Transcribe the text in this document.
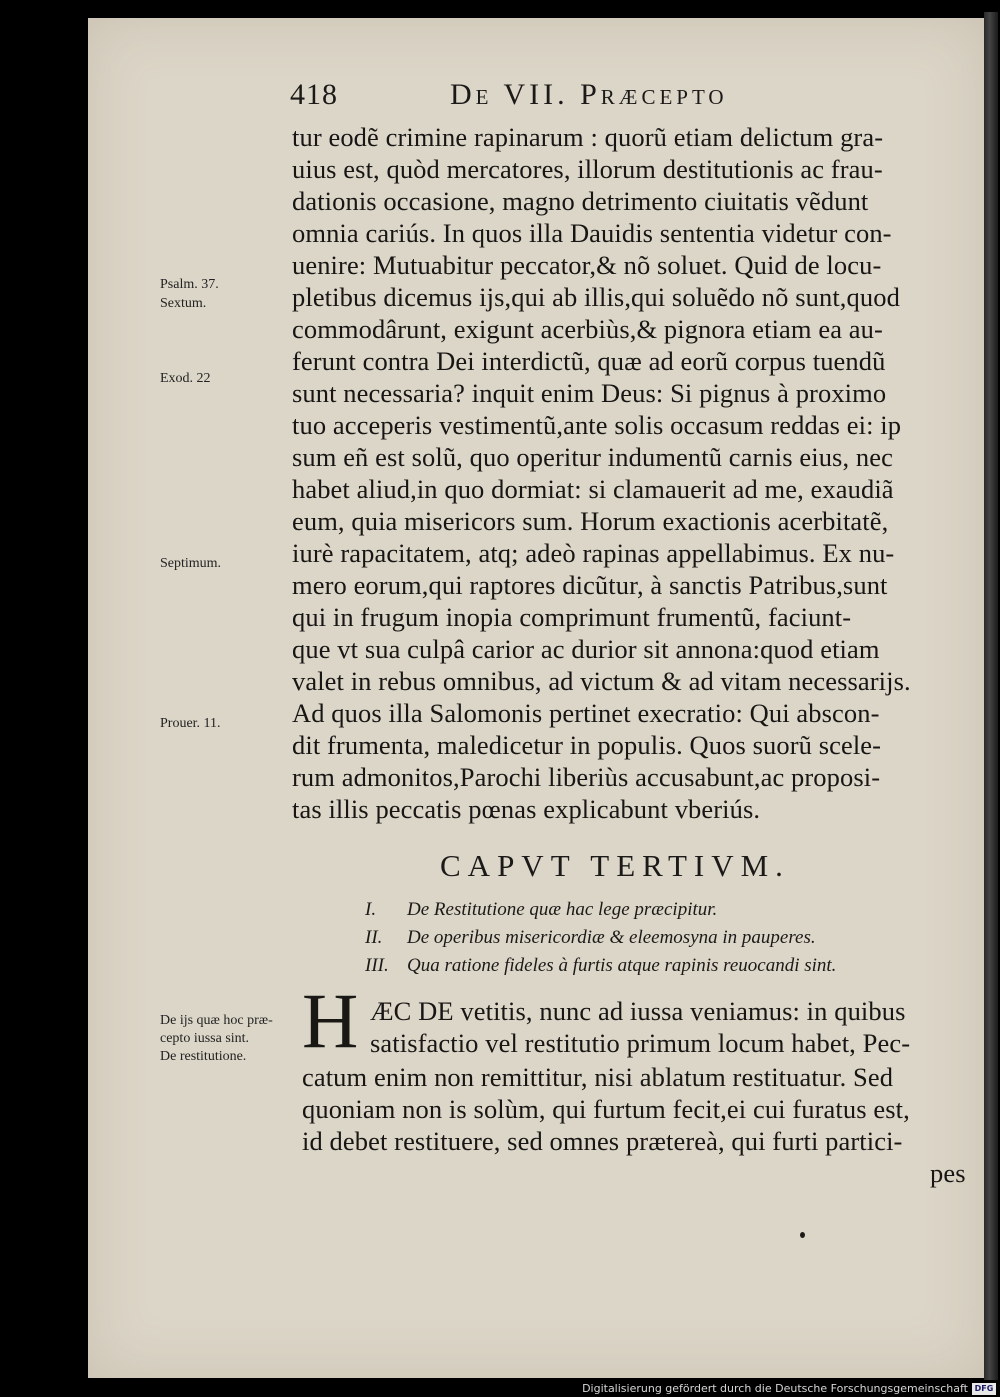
418	De VII. Præcepto
tur eodẽ crimine rapinarum : quorũ etiam delictum gra-
uius est, quòd mercatores, illorum destitutionis ac frau-
dationis occasione, magno detrimento ciuitatis vẽdunt
omnia cariús. In quos illa Dauidis sententia videtur con-
uenire: Mutuabitur peccator,& nõ soluet. Quid de locu-
pletibus dicemus ijs,qui ab illis,qui soluẽdo nõ sunt,quod
commodârunt, exigunt acerbiùs,& pignora etiam ea au-
ferunt contra Dei interdictũ, quæ ad eorũ corpus tuendũ
sunt necessaria? inquit enim Deus: Si pignus à proximo
tuo acceperis vestimentũ,ante solis occasum reddas ei: ip
sum eñ est solũ, quo operitur indumentũ carnis eius, nec
habet aliud,in quo dormiat: si clamauerit ad me, exaudiã
eum, quia misericors sum. Horum exactionis acerbitatẽ,
iurè rapacitatem, atq; adeò rapinas appellabimus. Ex nu-
mero eorum,qui raptores dicũtur, à sanctis Patribus,sunt
qui in frugum inopia comprimunt frumentũ, faciunt-
que vt sua culpâ carior ac durior sit annona:quod etiam
valet in rebus omnibus, ad victum & ad vitam necessarijs.
Ad quos illa Salomonis pertinet execratio: Qui abscon-
dit frumenta, maledicetur in populis. Quos suorũ scele-
rum admonitos,Parochi liberiùs accusabunt,ac proposi-
tas illis peccatis pœnas explicabunt vberiús.
Psalm. 37.
Sextum.
Exod. 22
Septimum.
Prouer. 11.
De ijs quæ hoc præ-
cepto iussa sint.
De restitutione.
CAPVT TERTIVM.
I. De Restitutione quæ hac lege præcipitur.
II. De operibus misericordiæ & eleemosyna in pauperes.
III. Qua ratione fideles à furtis atque rapinis reuocandi sint.
H ÆC DE vetitis, nunc ad iussa veniamus: in quibus
satisfactio vel restitutio primum locum habet, Pec-
catum enim non remittitur, nisi ablatum restituatur. Sed
quoniam non is solùm, qui furtum fecit,ei cui furatus est,
id debet restituere, sed omnes prætereà, qui furti partici-
pes
Digitalisierung gefördert durch die Deutsche Forschungsgemeinschaft DFG
